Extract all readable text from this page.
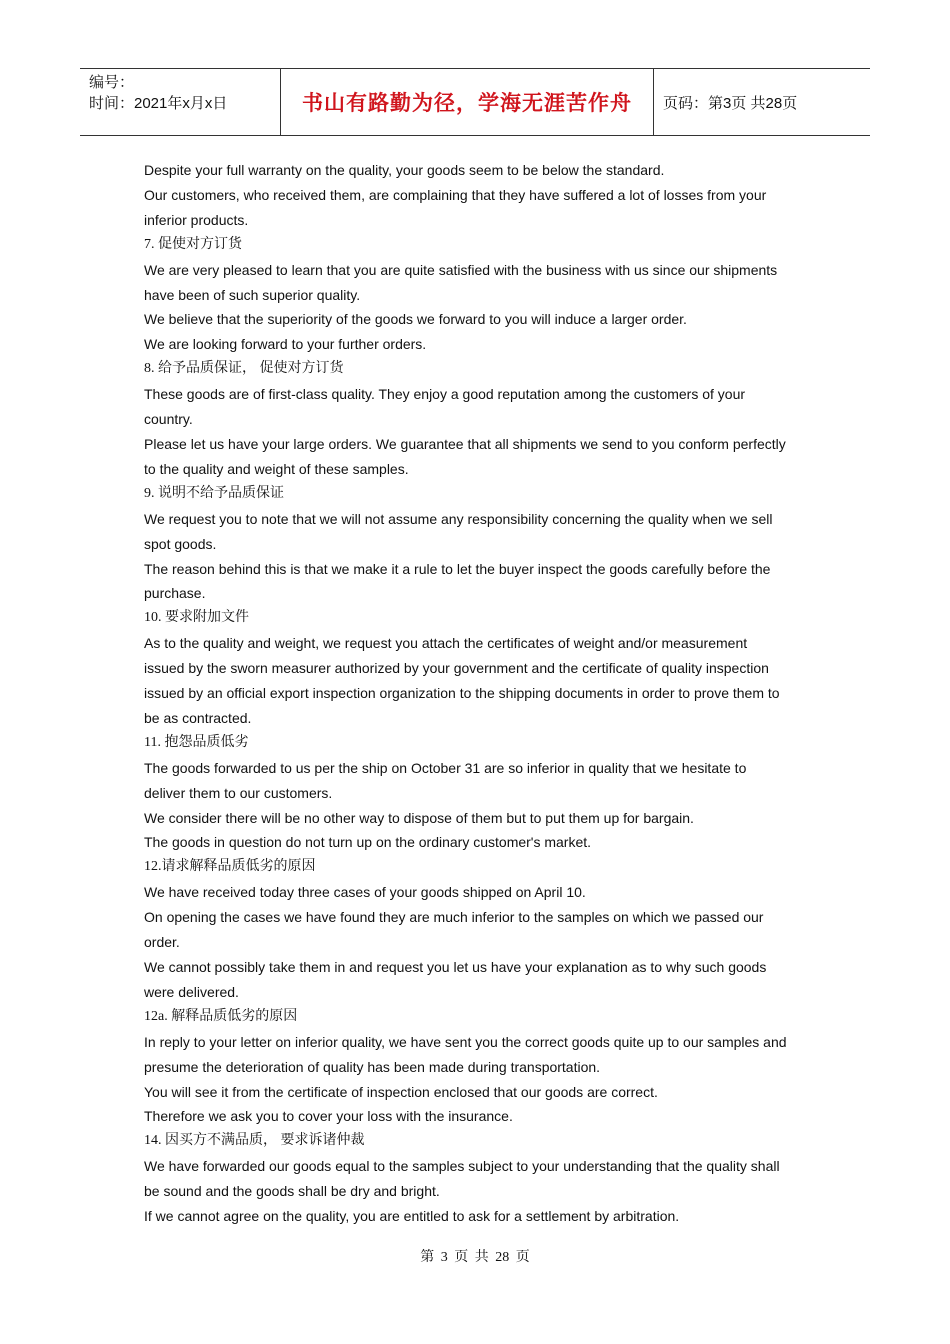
编号：
时间：2021年x月x日	书山有路勤为径，学海无涯苦作舟 页码：第3页 共28页
Despite your full warranty on the quality, your goods seem to be below the standard.
Our customers, who received them, are complaining that they have suffered a lot of losses from your
inferior products.
7. 促使对方订货
We are very pleased to learn that you are quite satisfied with the business with us since our shipments
have been of such superior quality.
We believe that the superiority of the goods we forward to you will induce a larger order.
We are looking forward to your further orders.
8. 给予品质保证， 促使对方订货
These goods are of first-class quality. They enjoy a good reputation among the customers of your
country.
Please let us have your large orders. We guarantee that all shipments we send to you conform perfectly
to the quality and weight of these samples.
9. 说明不给予品质保证
We request you to note that we will not assume any responsibility concerning the quality when we sell
spot goods.
The reason behind this is that we make it a rule to let the buyer inspect the goods carefully before the
purchase.
10. 要求附加文件
As to the quality and weight, we request you attach the certificates of weight and/or measurement
issued by the sworn measurer authorized by your government and the certificate of quality inspection
issued by an official export inspection organization to the shipping documents in order to prove them to
be as contracted.
11. 抱怨品质低劣
The goods forwarded to us per the ship on October 31 are so inferior in quality that we hesitate to
deliver them to our customers.
We consider there will be no other way to dispose of them but to put them up for bargain.
The goods in question do not turn up on the ordinary customer's market.
12.请求解释品质低劣的原因
We have received today three cases of your goods shipped on April 10.
On opening the cases we have found they are much inferior to the samples on which we passed our
order.
We cannot possibly take them in and request you let us have your explanation as to why such goods
were delivered.
12a. 解释品质低劣的原因
In reply to your letter on inferior quality, we have sent you the correct goods quite up to our samples and
presume the deterioration of quality has been made during transportation.
You will see it from the certificate of inspection enclosed that our goods are correct.
Therefore we ask you to cover your loss with the insurance.
14. 因买方不满品质， 要求诉诸仲裁
We have forwarded our goods equal to the samples subject to your understanding that the quality shall
be sound and the goods shall be dry and bright.
If we cannot agree on the quality, you are entitled to ask for a settlement by arbitration.
第 3 页 共 28 页
